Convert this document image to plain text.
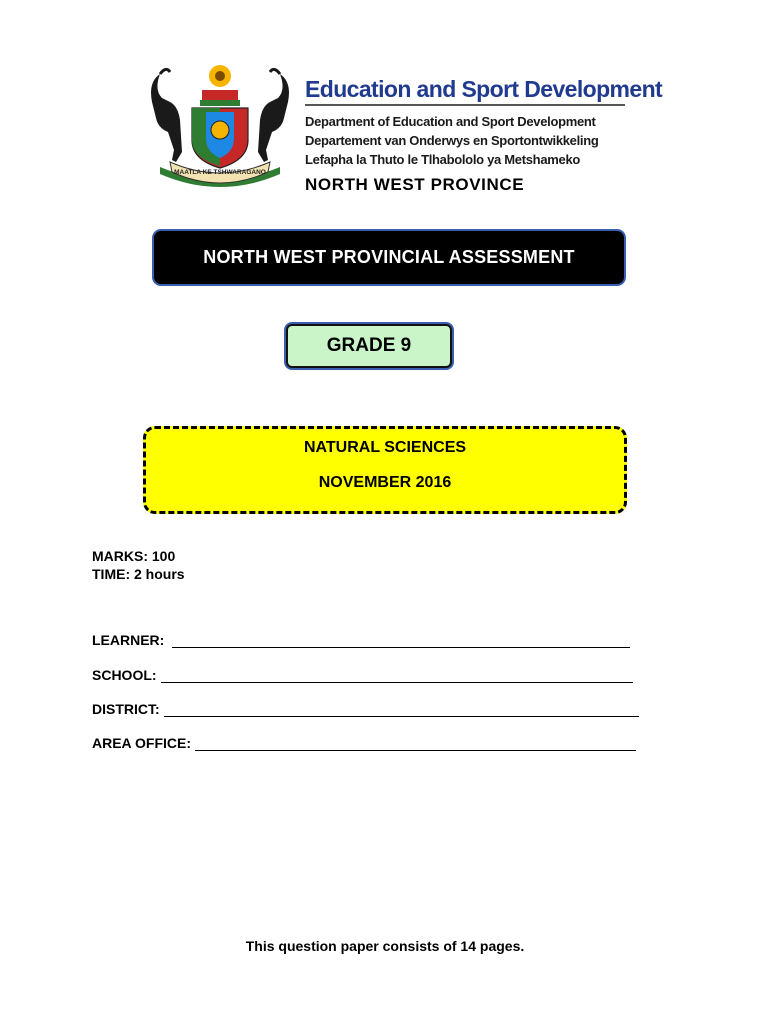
MAATLA KE TSHWARAGANO
Education and Sport Development
Department of Education and Sport Development
Departement van Onderwys en Sportontwikkeling
Lefapha la Thuto le Tlhabololo ya Metshameko
NORTH WEST PROVINCE
NORTH WEST PROVINCIAL ASSESSMENT
GRADE 9
NATURAL SCIENCES
NOVEMBER 2016
MARKS: 100
TIME: 2 hours
LEARNER:
SCHOOL:
DISTRICT:
AREA OFFICE:
This question paper consists of 14 pages.
